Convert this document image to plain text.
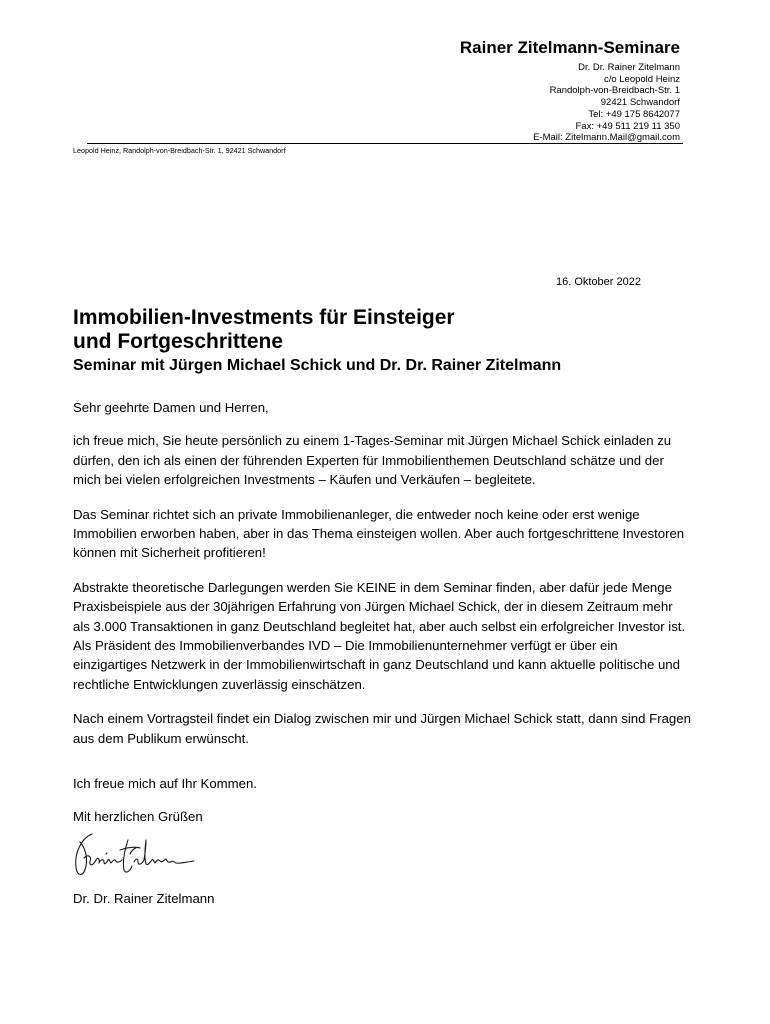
Rainer Zitelmann-Seminare
Dr. Dr. Rainer Zitelmann
c/o Leopold Heinz
Randolph-von-Breidbach-Str. 1
92421 Schwandorf
Tel: +49 175 8642077
Fax: +49 511 219 11 350
E-Mail: Zitelmann.Mail@gmail.com
Leopold Heinz, Randolph-von-Breidbach-Str. 1, 92421 Schwandorf
16. Oktober 2022
Immobilien-Investments für Einsteiger
und Fortgeschrittene
Seminar mit Jürgen Michael Schick und Dr. Dr. Rainer Zitelmann

Sehr geehrte Damen und Herren,

ich freue mich, Sie heute persönlich zu einem 1-Tages-Seminar mit Jürgen Michael Schick einladen zu dürfen, den ich als einen der führenden Experten für Immobilienthemen Deutschland schätze und der mich bei vielen erfolgreichen Investments – Käufen und Verkäufen – begleitete.

Das Seminar richtet sich an private Immobilienanleger, die entweder noch keine oder erst wenige Immobilien erworben haben, aber in das Thema einsteigen wollen. Aber auch fortgeschrittene Investoren können mit Sicherheit profitieren!

Abstrakte theoretische Darlegungen werden Sie KEINE in dem Seminar finden, aber dafür jede Menge Praxisbeispiele aus der 30jährigen Erfahrung von Jürgen Michael Schick, der in diesem Zeitraum mehr als 3.000 Transaktionen in ganz Deutschland begleitet hat, aber auch selbst ein erfolgreicher Investor ist. Als Präsident des Immobilienverbandes IVD – Die Immobilienunternehmer verfügt er über ein einzigartiges Netzwerk in der Immobilienwirtschaft in ganz Deutschland und kann aktuelle politische und rechtliche Entwicklungen zuverlässig einschätzen.

Nach einem Vortragsteil findet ein Dialog zwischen mir und Jürgen Michael Schick statt, dann sind Fragen aus dem Publikum erwünscht.

Ich freue mich auf Ihr Kommen.
Mit herzlichen Grüßen
Dr. Dr. Rainer Zitelmann
